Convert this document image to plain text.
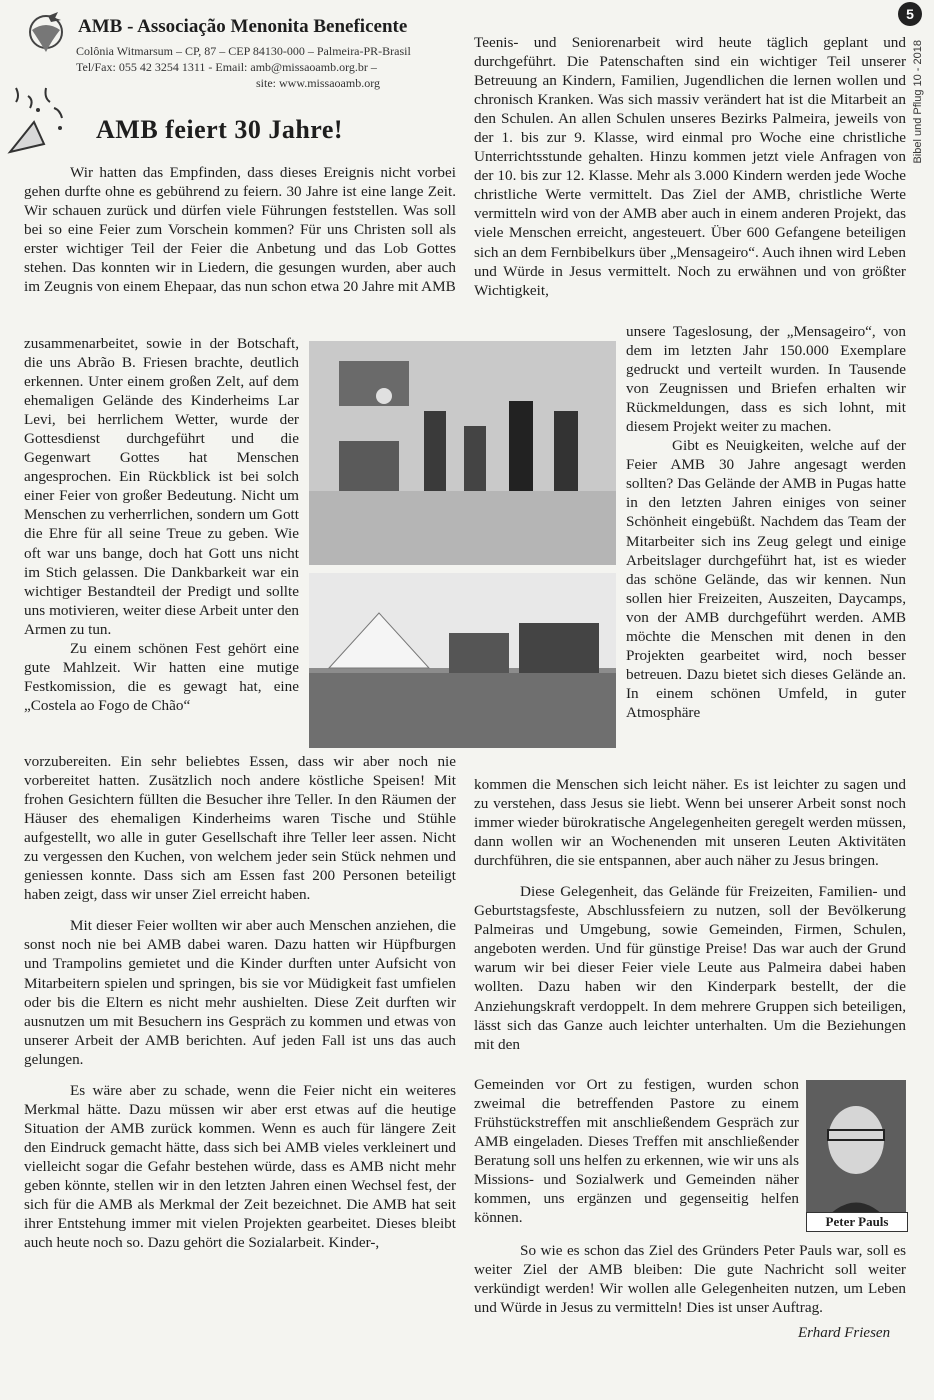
5
Bibel und Pflug 10 - 2018
AMB - Associação Menonita Beneficente
Colônia Witmarsum – CP, 87 – CEP 84130-000 – Palmeira-PR-Brasil
Tel/Fax: 055 42 3254 1311 - Email: amb@missaoamb.org.br –
site: www.missaoamb.org
AMB feiert 30 Jahre!

Wir hatten das Empfinden, dass dieses Ereignis nicht vorbei gehen durfte ohne es gebührend zu feiern. 30 Jahre ist eine lange Zeit. Wir schauen zurück und dürfen viele Führungen feststellen. Was soll bei so eine Feier zum Vorschein kommen? Für uns Christen soll als erster wichtiger Teil der Feier die Anbetung und das Lob Gottes stehen. Das konnten wir in Liedern, die gesungen wurden, aber auch im Zeugnis von einem Ehepaar, das nun schon etwa 20 Jahre mit AMB

zusammenarbeitet, sowie in der Botschaft, die uns Abrão B. Friesen brachte, deutlich erkennen. Unter einem großen Zelt, auf dem ehemaligen Gelände des Kinderheims Lar Levi, bei herrlichem Wetter, wurde der Gottesdienst durchgeführt und die Gegenwart Gottes hat Menschen angesprochen. Ein Rückblick ist bei solch einer Feier von großer Bedeutung. Nicht um Menschen zu verherrlichen, sondern um Gott die Ehre für all seine Treue zu geben. Wie oft war uns bange, doch hat Gott uns nicht im Stich gelassen. Die Dankbarkeit war ein wichtiger Bestandteil der Predigt und sollte uns motivieren, weiter diese Arbeit unter den Armen zu tun.

Zu einem schönen Fest gehört eine gute Mahlzeit. Wir hatten eine mutige Festkomission, die es gewagt hat, eine „Costela ao Fogo de Chão“

vorzubereiten. Ein sehr beliebtes Essen, dass wir aber noch nie vorbereitet hatten. Zusätzlich noch andere köstliche Speisen! Mit frohen Gesichtern füllten die Besucher ihre Teller. In den Räumen der Häuser des ehemaligen Kinderheims waren Tische und Stühle aufgestellt, wo alle in guter Gesellschaft ihre Teller leer assen. Nicht zu vergessen den Kuchen, von welchem jeder sein Stück nehmen und geniessen konnte. Dass sich am Essen fast 200 Personen beteiligt haben zeigt, dass wir unser Ziel erreicht haben.

Mit dieser Feier wollten wir aber auch Menschen anziehen, die sonst noch nie bei AMB dabei waren. Dazu hatten wir Hüpfburgen und Trampolins gemietet und die Kinder durften unter Aufsicht von Mitarbeitern spielen und springen, bis sie vor Müdigkeit fast umfielen oder bis die Eltern es nicht mehr aushielten. Diese Zeit durften wir ausnutzen um mit Besuchern ins Gespräch zu kommen und etwas von unserer Arbeit der AMB berichten. Auf jeden Fall ist uns das auch gelungen.

Es wäre aber zu schade, wenn die Feier nicht ein weiteres Merkmal hätte. Dazu müssen wir aber erst etwas auf die heutige Situation der AMB zurück kommen. Wenn es auch für längere Zeit den Eindruck gemacht hätte, dass sich bei AMB vieles verkleinert und vielleicht sogar die Gefahr bestehen würde, dass es AMB nicht mehr geben könnte, stellen wir in den letzten Jahren einen Wechsel fest, der sich für die AMB als Merkmal der Zeit bezeichnet. Die AMB hat seit ihrer Entstehung immer mit vielen Projekten gearbeitet. Dieses bleibt auch heute noch so. Dazu gehört die Sozialarbeit. Kinder-,

Teenis- und Seniorenarbeit wird heute täglich geplant und durchgeführt. Die Patenschaften sind ein wichtiger Teil unserer Betreuung an Kindern, Familien, Jugendlichen die lernen wollen und chronisch Kranken. Was sich massiv verändert hat ist die Mitarbeit an den Schulen. An allen Schulen unseres Bezirks Palmeira, jeweils von der 1. bis zur 9. Klasse, wird einmal pro Woche eine christliche Unterrichtsstunde gehalten. Hinzu kommen jetzt viele Anfragen von der 10. bis zur 12. Klasse. Mehr als 3.000 Kindern werden jede Woche christliche Werte vermittelt. Das Ziel der AMB, christliche Werte vermitteln wird von der AMB aber auch in einem anderen Projekt, das viele Menschen erreicht, angesteuert. Über 600 Gefangene beteiligen sich an dem Fernbibelkurs über „Mensageiro“. Auch ihnen wird Leben und Würde in Jesus vermittelt. Noch zu erwähnen und von größter Wichtigkeit,

unsere Tageslosung, der „Mensageiro“, von dem im letzten Jahr 150.000 Exemplare gedruckt und verteilt wurden. In Tausende von Zeugnissen und Briefen erhalten wir Rückmeldungen, dass es sich lohnt, mit diesem Projekt weiter zu machen.

Gibt es Neuigkeiten, welche auf der Feier AMB 30 Jahre angesagt werden sollten? Das Gelände der AMB in Pugas hatte in den letzten Jahren einiges von seiner Schönheit eingebüßt. Nachdem das Team der Mitarbeiter sich ins Zeug gelegt und einige Arbeitslager durchgeführt hat, ist es wieder das schöne Gelände, das wir kennen. Nun sollen hier Freizeiten, Auszeiten, Daycamps, von der AMB durchgeführt werden. AMB möchte die Menschen mit denen in den Projekten gearbeitet wird, noch besser betreuen. Dazu bietet sich dieses Gelände an. In einem schönen Umfeld, in guter Atmosphäre

kommen die Menschen sich leicht näher. Es ist leichter zu sagen und zu verstehen, dass Jesus sie liebt. Wenn bei unserer Arbeit sonst noch immer wieder bürokratische Angelegenheiten geregelt werden müssen, dann wollen wir an Wochenenden mit unseren Leuten Aktivitäten durchführen, die sie entspannen, aber auch näher zu Jesus bringen.

Diese Gelegenheit, das Gelände für Freizeiten, Familien- und Geburtstagsfeste, Abschlussfeiern zu nutzen, soll der Bevölkerung Palmeiras und Umgebung, sowie Gemeinden, Firmen, Schulen, angeboten werden. Und für günstige Preise! Das war auch der Grund warum wir bei dieser Feier viele Leute aus Palmeira dabei haben wollten. Dazu haben wir den Kinderpark bestellt, der die Anziehungskraft verdoppelt. In dem mehrere Gruppen sich beteiligen, lässt sich das Ganze auch leichter unterhalten. Um die Beziehungen mit den

Gemeinden vor Ort zu festigen, wurden schon zweimal die betreffenden Pastore zu einem Frühstückstreffen mit anschließendem Gespräch zur AMB eingeladen. Dieses Treffen mit anschließender Beratung soll uns helfen zu erkennen, wie wir uns als Missions- und Sozialwerk und Gemeinden näher kommen, uns ergänzen und gegenseitig helfen können.	Peter Pauls

So wie es schon das Ziel des Gründers Peter Pauls war, soll es weiter Ziel der AMB bleiben: Die gute Nachricht soll weiter verkündigt werden! Wir wollen alle Gelegenheiten nutzen, um Leben und Würde in Jesus zu vermitteln! Dies ist unser Auftrag.

Erhard Friesen
